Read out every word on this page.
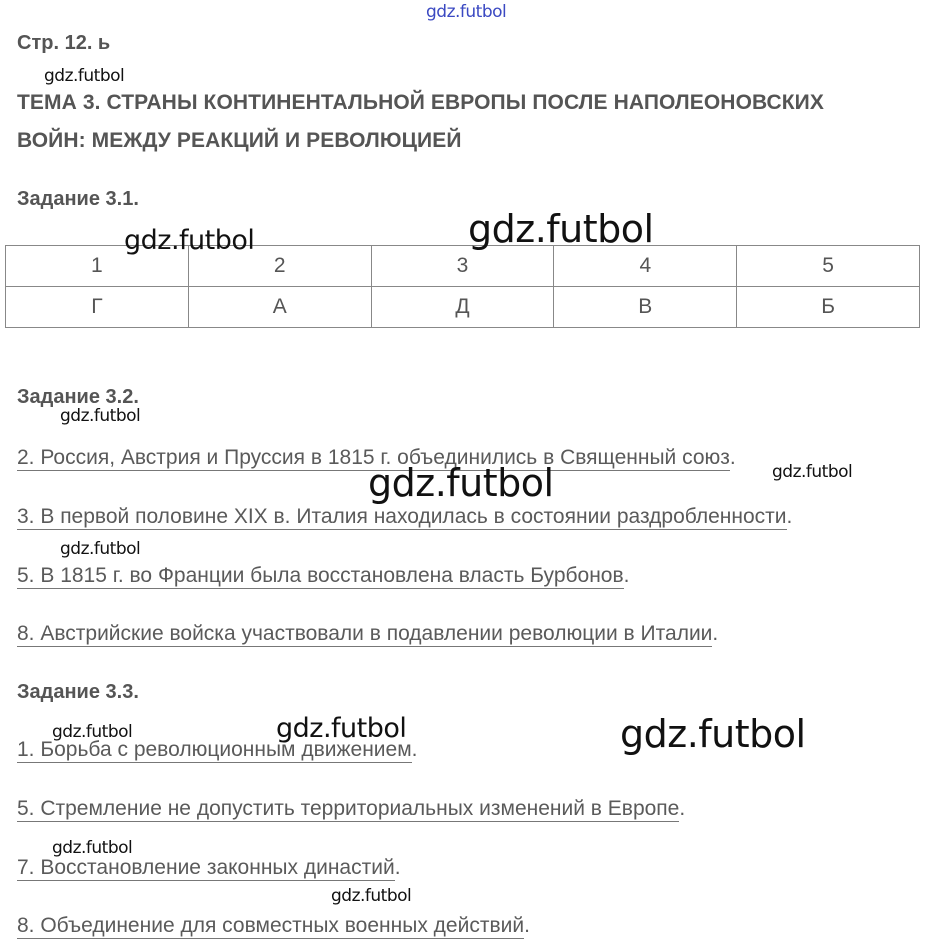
gdz.futbol
Стр. 12. ь
gdz.futbol
ТЕМА 3. СТРАНЫ КОНТИНЕНТАЛЬНОЙ ЕВРОПЫ ПОСЛЕ НАПОЛЕОНОВСКИХ
ВОЙН: МЕЖДУ РЕАКЦИЙ И РЕВОЛЮЦИЕЙ
Задание 3.1.
1	2	3	4	5
Г	А	Д	В	Б
gdz.futbol	gdz.futbol
Задание 3.2.
gdz.futbol
2. Россия, Австрия и Пруссия в 1815 г. объединились в Священный союз.
gdz.futbol
gdz.futbol
3. В первой половине XIX в. Италия находилась в состоянии раздробленности.
gdz.futbol
5. В 1815 г. во Франции была восстановлена власть Бурбонов.
8. Австрийские войска участвовали в подавлении революции в Италии.
Задание 3.3.
gdz.futbol	gdz.futbol	gdz.futbol
1. Борьба с революционным движением.
5. Стремление не допустить территориальных изменений в Европе.
gdz.futbol
7. Восстановление законных династий.
gdz.futbol
8. Объединение для совместных военных действий.
